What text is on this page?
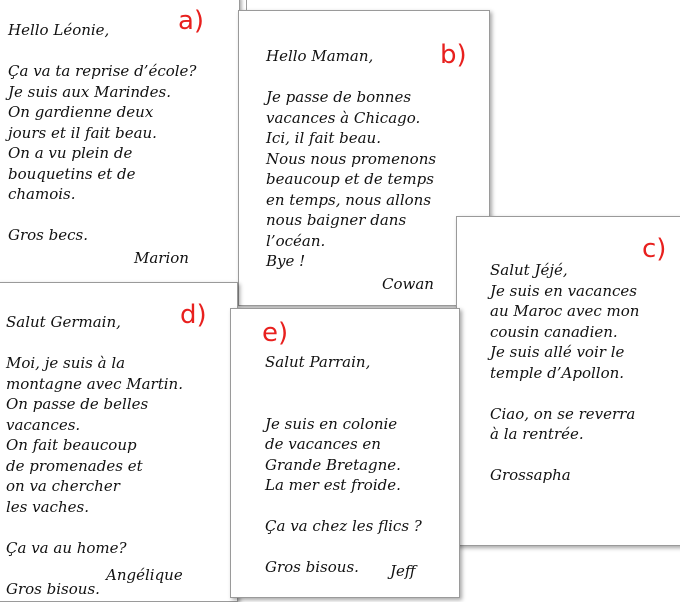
Hello Léonie,
Ça va ta reprise d’école?
Je suis aux Marindes.
On gardienne deux
jours et il fait beau.
On a vu plein de
bouquetins et de
chamois.
Gros becs.
Marion
a)
Hello Maman,
Je passe de bonnes
vacances à Chicago.
Ici, il fait beau.
Nous nous promenons
beaucoup et de temps
en temps, nous allons
nous baigner dans
l’océan.
Bye !
Cowan
b)
Salut Jéjé,
Je suis en vacances
au Maroc avec mon
cousin canadien.
Je suis allé voir le
temple d’Apollon.
Ciao, on se reverra
à la rentrée.
Grossapha
c)
Salut Germain,
Moi, je suis à la
montagne avec Martin.
On passe de belles
vacances.
On fait beaucoup
de promenades et
on va chercher
les vaches.
Ça va au home?
Gros bisous.
Angélique
d)
Salut Parrain,
Je suis en colonie
de vacances en
Grande Bretagne.
La mer est froide.
Ça va chez les flics ?
Gros bisous.	Jeff
e)
